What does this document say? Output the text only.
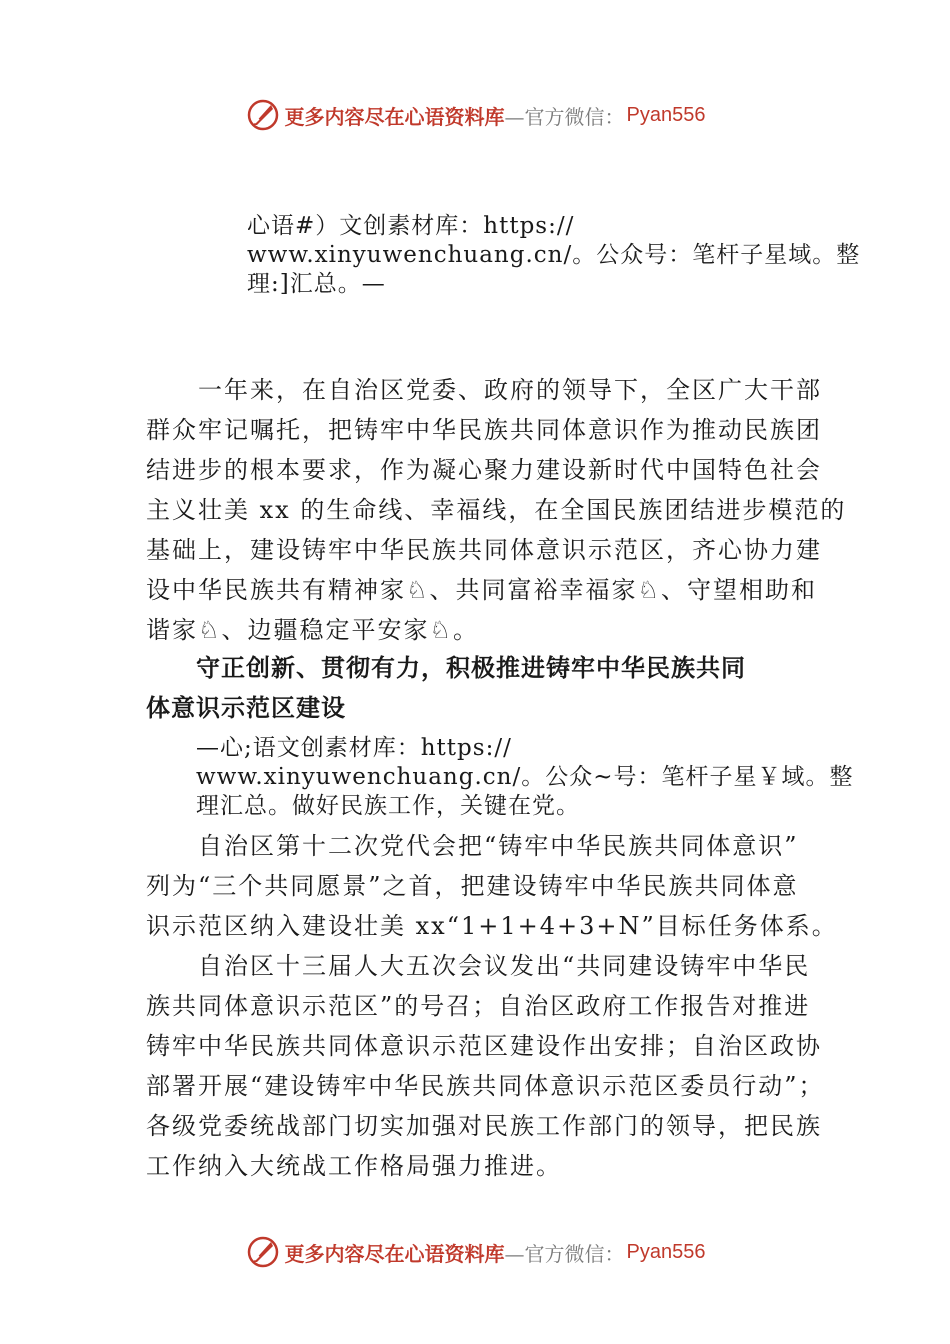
更多内容尽在心语资料库 —官方微信： Pyan556
心语#）文创素材库：https://
www.xinyuwenchuang.cn/。公众号：笔杆子星域。整
理:]汇总。—
　　一年来，在自治区党委、政府的领导下，全区广大干部
群众牢记嘱托，把铸牢中华民族共同体意识作为推动民族团
结进步的根本要求，作为凝心聚力建设新时代中国特色社会
主义壮美 xx 的生命线、幸福线，在全国民族团结进步模范的
基础上，建设铸牢中华民族共同体意识示范区，齐心协力建
设中华民族共有精神家♘、共同富裕幸福家♘、守望相助和
谐家♘、边疆稳定平安家♘。
　　守正创新、贯彻有力，积极推进铸牢中华民族共同
体意识示范区建设
—心;语文创素材库：https://
www.xinyuwenchuang.cn/。公众~号：笔杆子星￥域。整
理汇总。做好民族工作，关键在党。
　　自治区第十二次党代会把“铸牢中华民族共同体意识”
列为“三个共同愿景”之首，把建设铸牢中华民族共同体意
识示范区纳入建设壮美 xx“1+1+4+3+N”目标任务体系。
　　自治区十三届人大五次会议发出“共同建设铸牢中华民
族共同体意识示范区”的号召；自治区政府工作报告对推进
铸牢中华民族共同体意识示范区建设作出安排；自治区政协
部署开展“建设铸牢中华民族共同体意识示范区委员行动”；
各级党委统战部门切实加强对民族工作部门的领导，把民族
工作纳入大统战工作格局强力推进。
更多内容尽在心语资料库 —官方微信： Pyan556
